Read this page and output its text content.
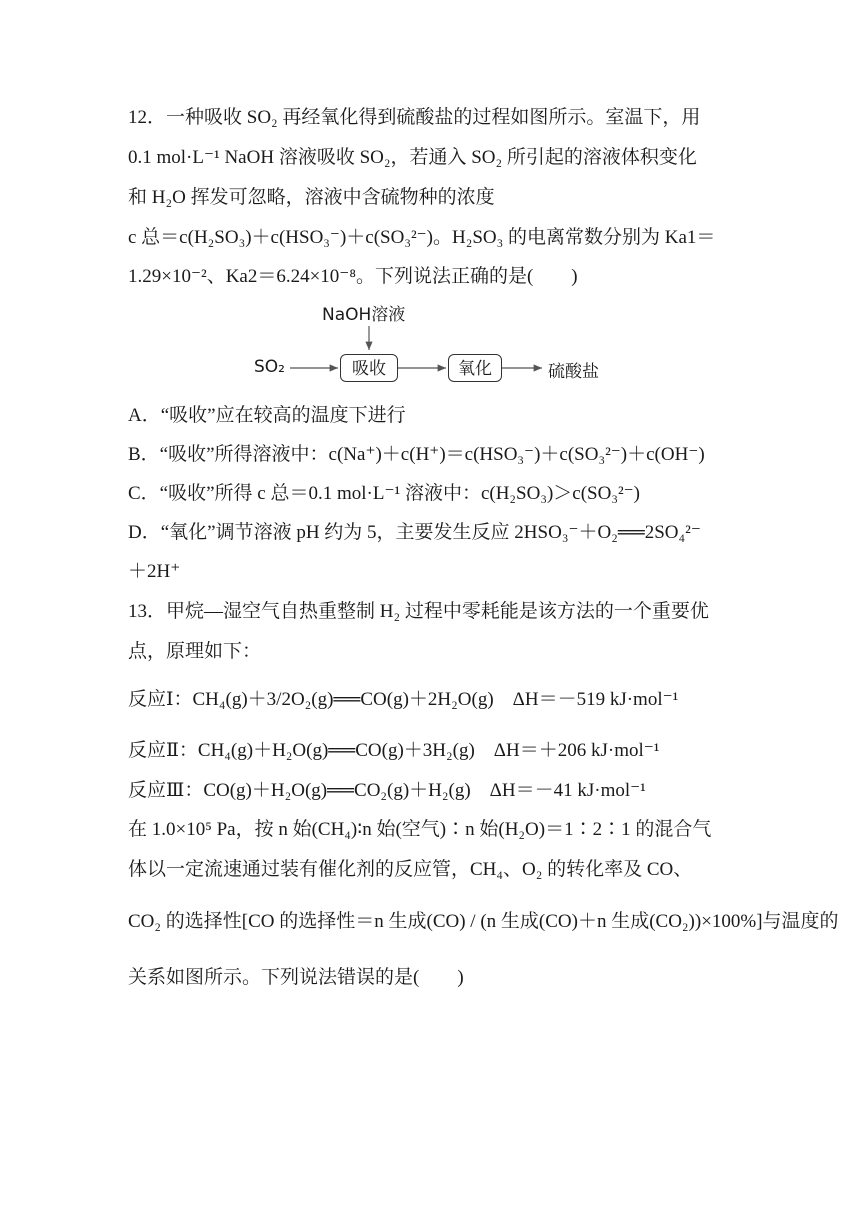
12．一种吸收 SO₂ 再经氧化得到硫酸盐的过程如图所示。室温下，用
0.1 mol·L⁻¹ NaOH 溶液吸收 SO₂，若通入 SO₂ 所引起的溶液体积变化
和 H₂O 挥发可忽略，溶液中含硫物种的浓度
c 总＝c(H₂SO₃)＋c(HSO₃⁻)＋c(SO₃²⁻)。H₂SO₃ 的电离常数分别为 Ka1＝
1.29×10⁻²、Ka2＝6.24×10⁻⁸。下列说法正确的是(　　)
NaOH溶液
SO₂	吸收	氧化	硫酸盐
A．“吸收”应在较高的温度下进行
B．“吸收”所得溶液中：c(Na⁺)＋c(H⁺)＝c(HSO₃⁻)＋c(SO₃²⁻)＋c(OH⁻)
C．“吸收”所得 c 总＝0.1 mol·L⁻¹ 溶液中：c(H₂SO₃)＞c(SO₃²⁻)
D．“氧化”调节溶液 pH 约为 5，主要发生反应 2HSO₃⁻＋O₂══2SO₄²⁻
＋2H⁺
13．甲烷—湿空气自热重整制 H₂ 过程中零耗能是该方法的一个重要优
点，原理如下：
反应Ⅰ：CH₄(g)＋3/2O₂(g)══CO(g)＋2H₂O(g)　ΔH＝－519 kJ·mol⁻¹
反应Ⅱ：CH₄(g)＋H₂O(g)══CO(g)＋3H₂(g)　ΔH＝＋206 kJ·mol⁻¹
反应Ⅲ：CO(g)＋H₂O(g)══CO₂(g)＋H₂(g)　ΔH＝－41 kJ·mol⁻¹
在 1.0×10⁵ Pa，按 n 始(CH₄)∶n 始(空气)∶n 始(H₂O)＝1∶2∶1 的混合气
体以一定流速通过装有催化剂的反应管，CH₄、O₂ 的转化率及 CO、
CO₂ 的选择性[CO 的选择性＝n 生成(CO) / (n 生成(CO)＋n 生成(CO₂))×100%]与温度的
关系如图所示。下列说法错误的是(　　)
